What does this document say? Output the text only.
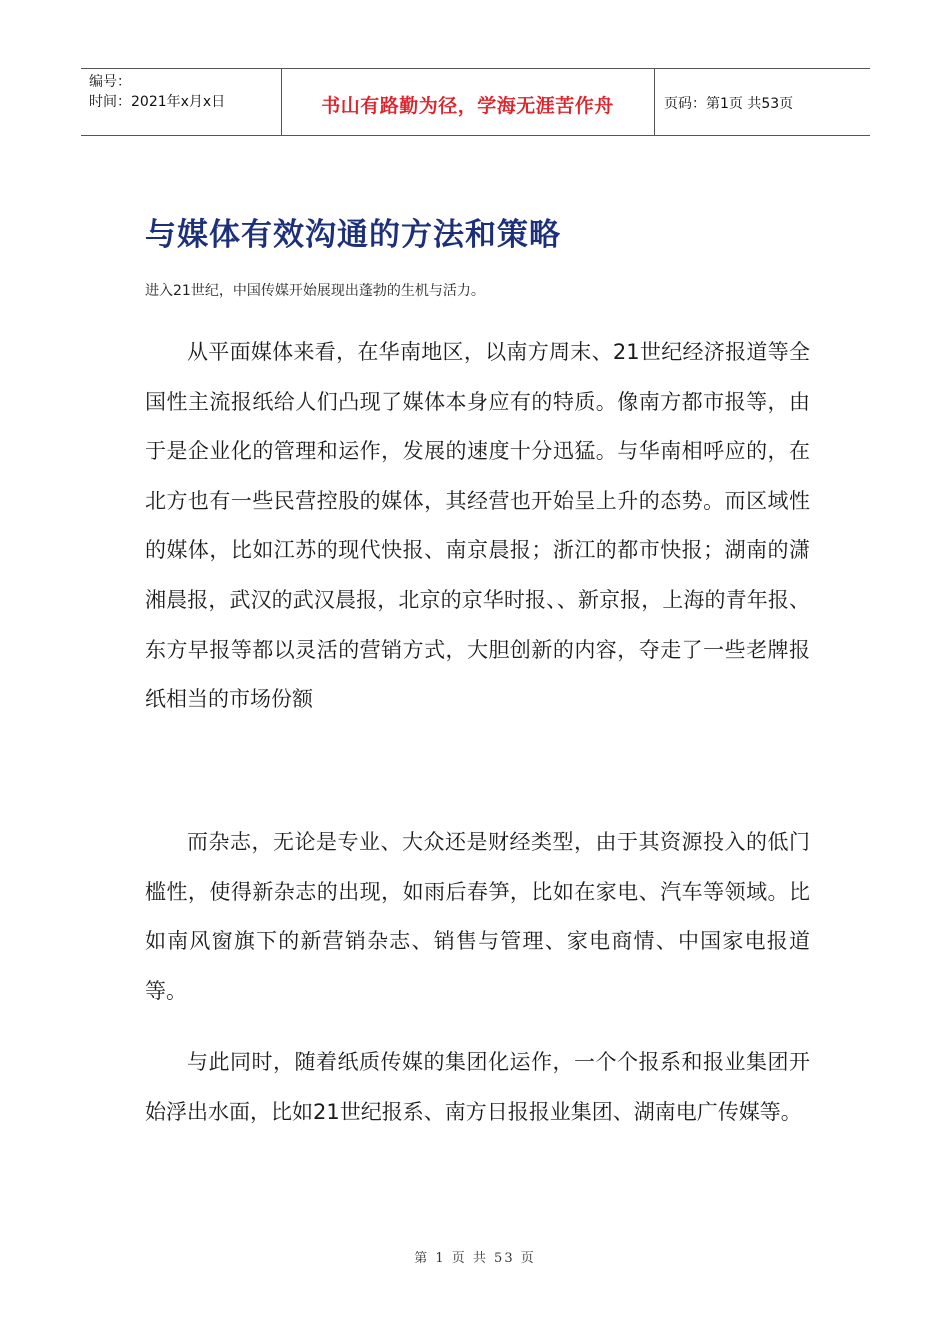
编号：
时间：2021年x月x日	书山有路勤为径，学海无涯苦作舟	页码：第1页 共53页
与媒体有效沟通的方法和策略
进入21世纪，中国传媒开始展现出蓬勃的生机与活力。

从平面媒体来看，在华南地区，以南方周末、21世纪经济报道等全国性主流报纸给人们凸现了媒体本身应有的特质。像南方都市报等，由于是企业化的管理和运作，发展的速度十分迅猛。与华南相呼应的，在北方也有一些民营控股的媒体，其经营也开始呈上升的态势。而区域性的媒体，比如江苏的现代快报、南京晨报；浙江的都市快报；湖南的潇湘晨报，武汉的武汉晨报，北京的京华时报、、新京报，上海的青年报、东方早报等都以灵活的营销方式，大胆创新的内容，夺走了一些老牌报纸相当的市场份额

而杂志，无论是专业、大众还是财经类型，由于其资源投入的低门槛性，使得新杂志的出现，如雨后春笋，比如在家电、汽车等领域。比如南风窗旗下的新营销杂志、销售与管理、家电商情、中国家电报道等。

与此同时，随着纸质传媒的集团化运作，一个个报系和报业集团开始浮出水面，比如21世纪报系、南方日报报业集团、湖南电广传媒等。

第 1 页 共 53 页
